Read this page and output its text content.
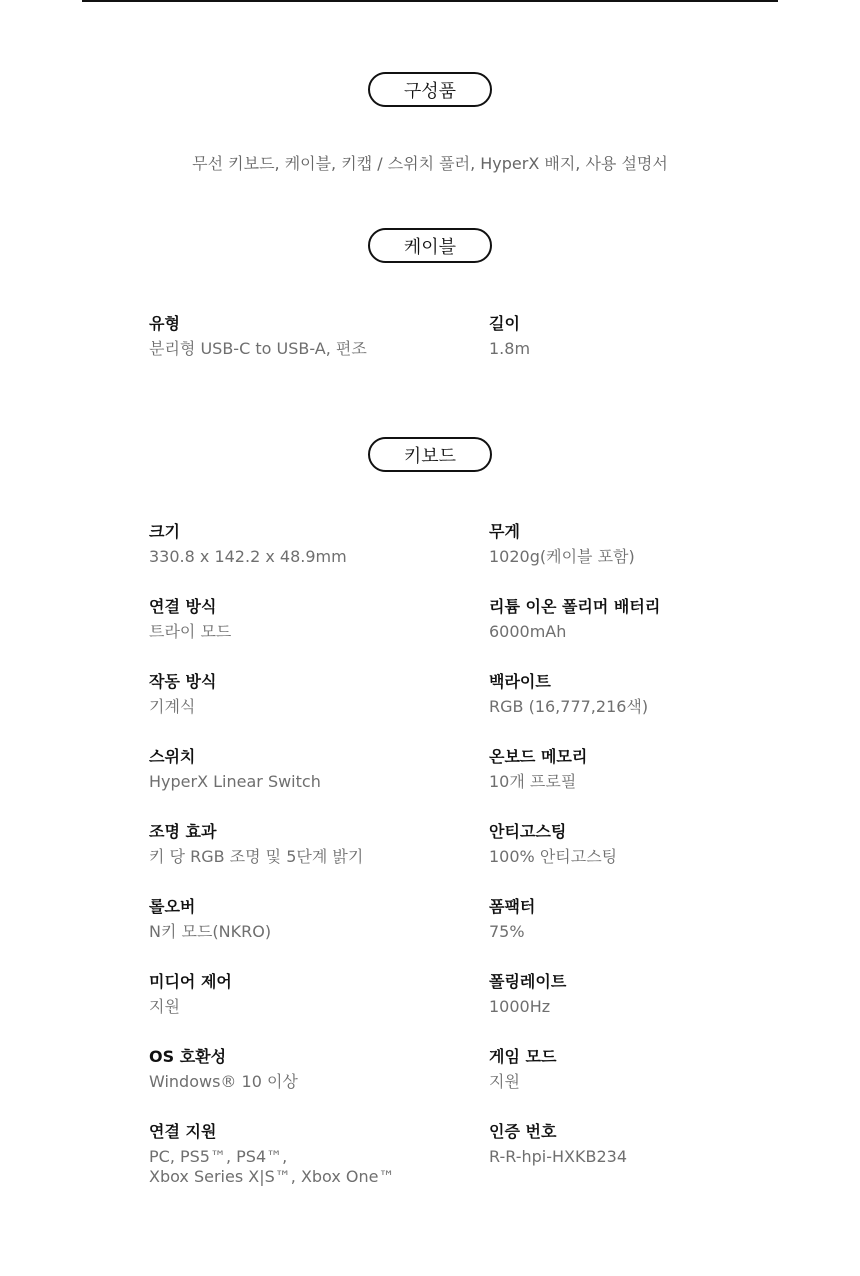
구성품
무선 키보드, 케이블, 키캡 / 스위치 풀러, HyperX 배지, 사용 설명서
케이블
유형
분리형 USB-C to USB-A, 편조
길이
1.8m
키보드
크기
330.8 x 142.2 x 48.9mm
무게
1020g(케이블 포함)
연결 방식
트라이 모드
리튬 이온 폴리머 배터리
6000mAh
작동 방식
기계식
백라이트
RGB (16,777,216색)
스위치
HyperX Linear Switch
온보드 메모리
10개 프로필
조명 효과
키 당 RGB 조명 및 5단계 밝기
안티고스팅
100% 안티고스팅
롤오버
N키 모드(NKRO)
폼팩터
75%
미디어 제어
지원
폴링레이트
1000Hz
OS 호환성
Windows® 10 이상
게임 모드
지원
연결 지원
PC, PS5™, PS4™,
Xbox Series X|S™, Xbox One™
인증 번호
R-R-hpi-HXKB234
